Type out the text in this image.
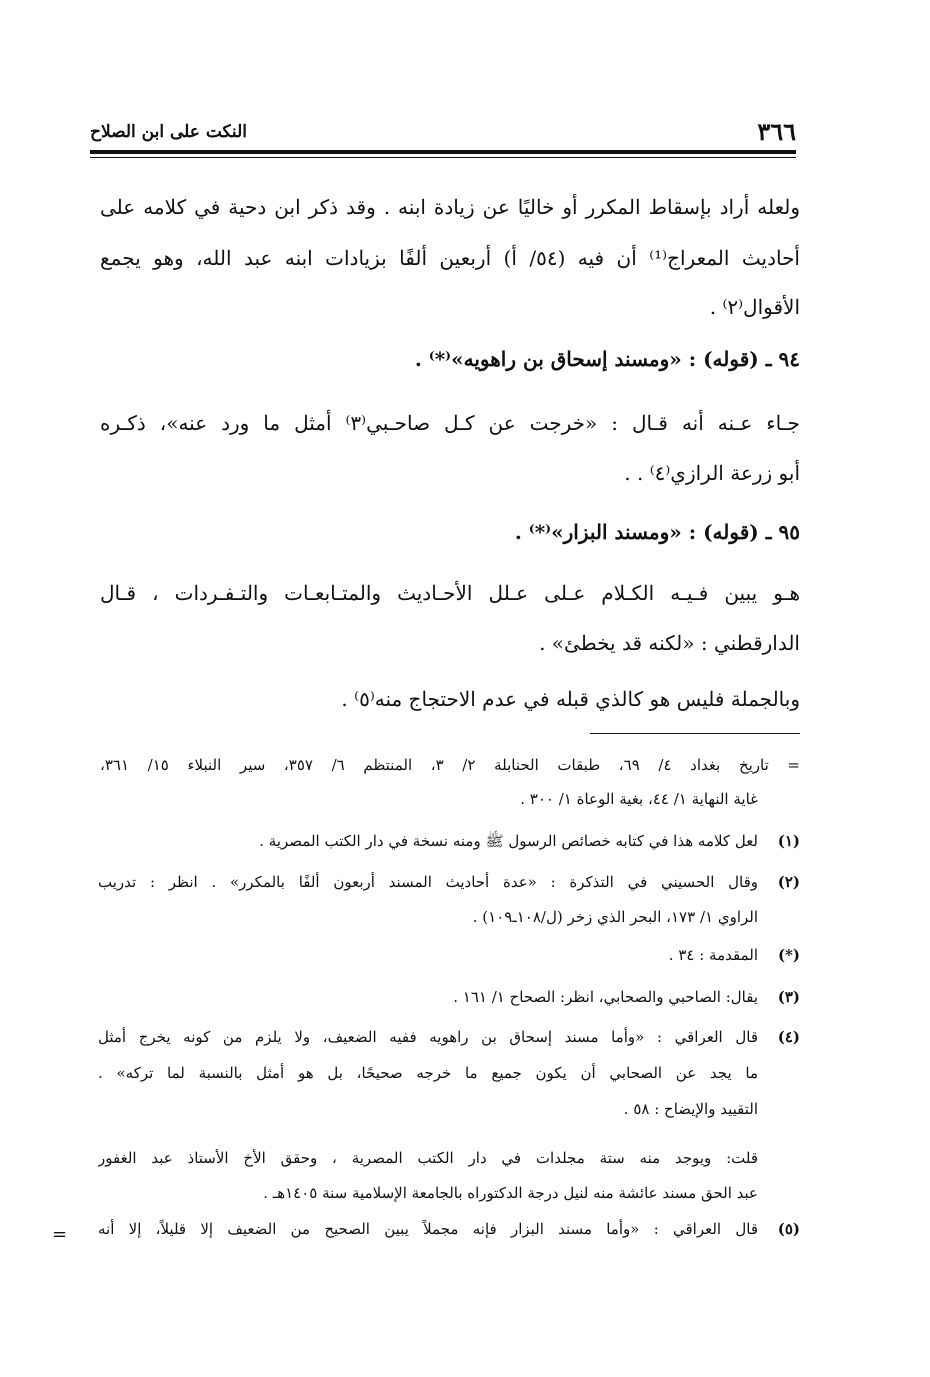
٣٦٦
النكت على ابن الصلاح
ولعله أراد بإسقاط المكرر أو خاليًا عن زيادة ابنه . وقد ذكر ابن دحية في كلامه على
أحاديث المعراج⁽¹⁾ أن فيه (٥٤/ أ) أربعين ألفًا بزيادات ابنه عبد الله، وهو يجمع
الأقوال⁽٢⁾ .
٩٤ ـ (قوله) : «ومسند إسحاق بن راهويه»⁽*⁾ .
جـاء عـنه أنه قـال : «خرجت عن كـل صاحـبي⁽٣⁾ أمثل ما ورد عنه»، ذكـره
أبو زرعة الرازي⁽٤⁾ . .
٩٥ ـ (قوله) : «ومسند البزار»⁽*⁾ .
هـو يبين فـيـه الكـلام عـلى عـلل الأحـاديث والمتـابعـات والتـفـردات ، قـال
الدارقطني : «لكنه قد يخطئ» .
وبالجملة فليس هو كالذي قبله في عدم الاحتجاج منه⁽٥⁾ .
= تاريخ بغداد ٤/ ٦٩، طبقات الحنابلة ٢/ ٣، المنتظم ٦/ ٣٥٧، سير النبلاء ١٥/ ٣٦١،
غاية النهاية ١/ ٤٤، بغية الوعاة ١/ ٣٠٠ .
(١)
لعل كلامه هذا في كتابه خصائص الرسول ﷺ ومنه نسخة في دار الكتب المصرية .
(٢)
وقال الحسيني في التذكرة : «عدة أحاديث المسند أربعون ألفًا بالمكرر» . انظر : تدريب
الراوي ١/ ١٧٣، البحر الذي زخر (ل/١٠٨ـ١٠٩) .
(*)
المقدمة : ٣٤ .
(٣)
يقال: الصاحبي والصحابي، انظر: الصحاح ١/ ١٦١ .
(٤)
قال العراقي : «وأما مسند إسحاق بن راهويه ففيه الضعيف، ولا يلزم من كونه يخرج أمثل
ما يجد عن الصحابي أن يكون جميع ما خرجه صحيحًا، بل هو أمثل بالنسبة لما تركه» .
التقييد والإيضاح : ٥٨ .
قلت: ويوجد منه ستة مجلدات في دار الكتب المصرية ، وحقق الأخ الأستاذ عبد الغفور
عبد الحق مسند عائشة منه لنيل درجة الدكتوراه بالجامعة الإسلامية سنة ١٤٠٥هـ .
(٥)
قال العراقي : «وأما مسند البزار فإنه مجملاً يبين الصحيح من الضعيف إلا قليلاً، إلا أنه
=
